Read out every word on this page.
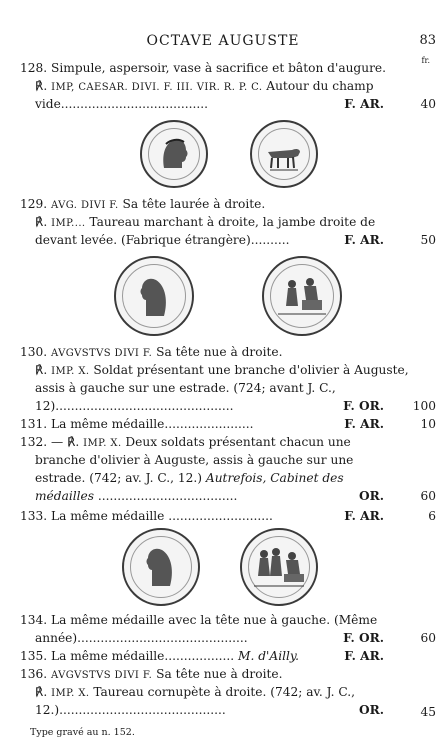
OCTAVE AUGUSTE	83
fr.
128. Simpule, aspersoir, vase à sacrifice et bâton d'augure.
℟. IMP, CAESAR. DIVI. F. III. VIR. R. P. C. Autour du champ
vide......................................	F. AR.	40
129. AVG. DIVI F. Sa tête laurée à droite.
℟. IMP.... Taureau marchant à droite, la jambe droite de
devant levée. (Fabrique étrangère)..........	F. AR.	50
130. AVGVSTVS DIVI F. Sa tête nue à droite.
℟. IMP. X. Soldat présentant une branche d'olivier à Auguste,
assis à gauche sur une estrade. (724; avant J. C.,
12)..............................................	F. OR. 100
131. La même médaille.......................	F. AR.	10
132. — ℟. IMP. X. Deux soldats présentant chacun une
branche d'olivier à Auguste, assis à gauche sur une
estrade. (742; av. J. C., 12.) Autrefois, Cabinet des
médailles ....................................	OR.	60
133. La même médaille ...........................	F. AR.	6
134. La même médaille avec la tête nue à gauche. (Même
année)............................................	F. OR.	60
135. La même médaille.................. M. d'Ailly.	F. AR.
136. AVGVSTVS DIVI F. Sa tête nue à droite.
℟. IMP. X. Taureau cornupète à droite. (742; av. J. C.,
12.)...........................................	OR.	45
Type gravé au n. 152.
